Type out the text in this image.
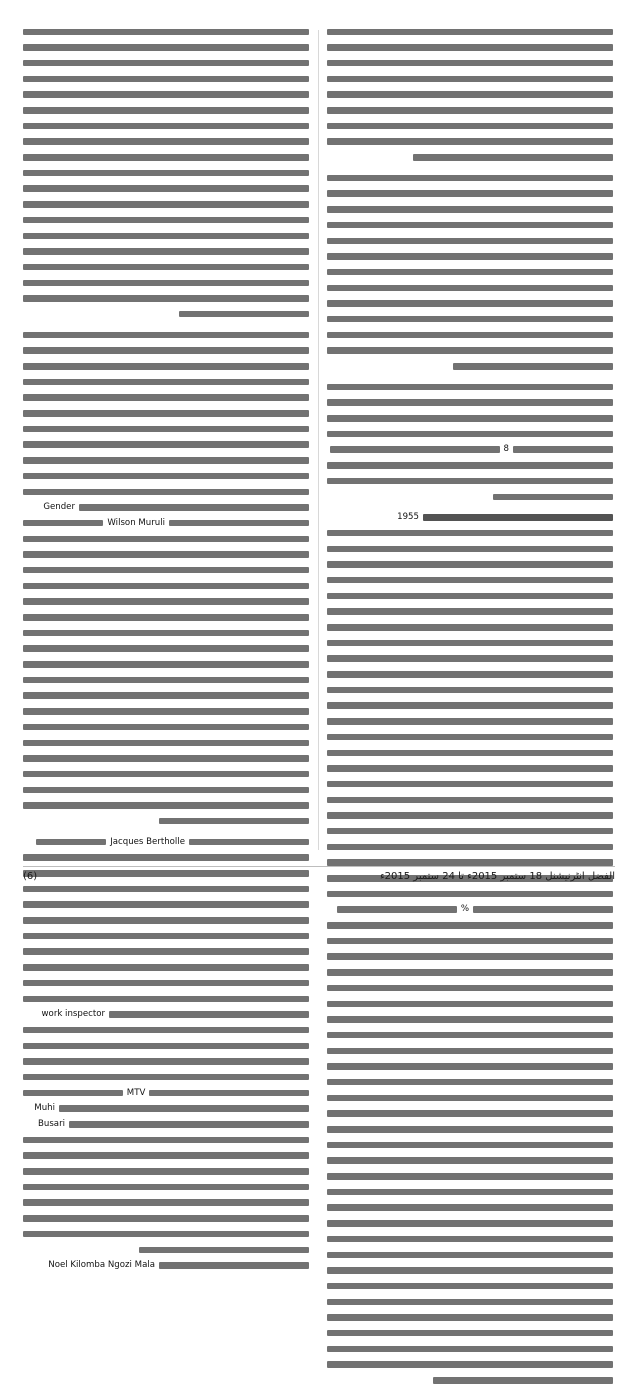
8
1955
%
Gender
Wilson Muruli
Jacques Bertholle
work inspector
MTV
Muhi
Busari
Noel Kilomba Ngozi Mala
(6)	الفضل انٹرنیشنل 18 ستمبر 2015ء تا 24 ستمبر 2015ء
